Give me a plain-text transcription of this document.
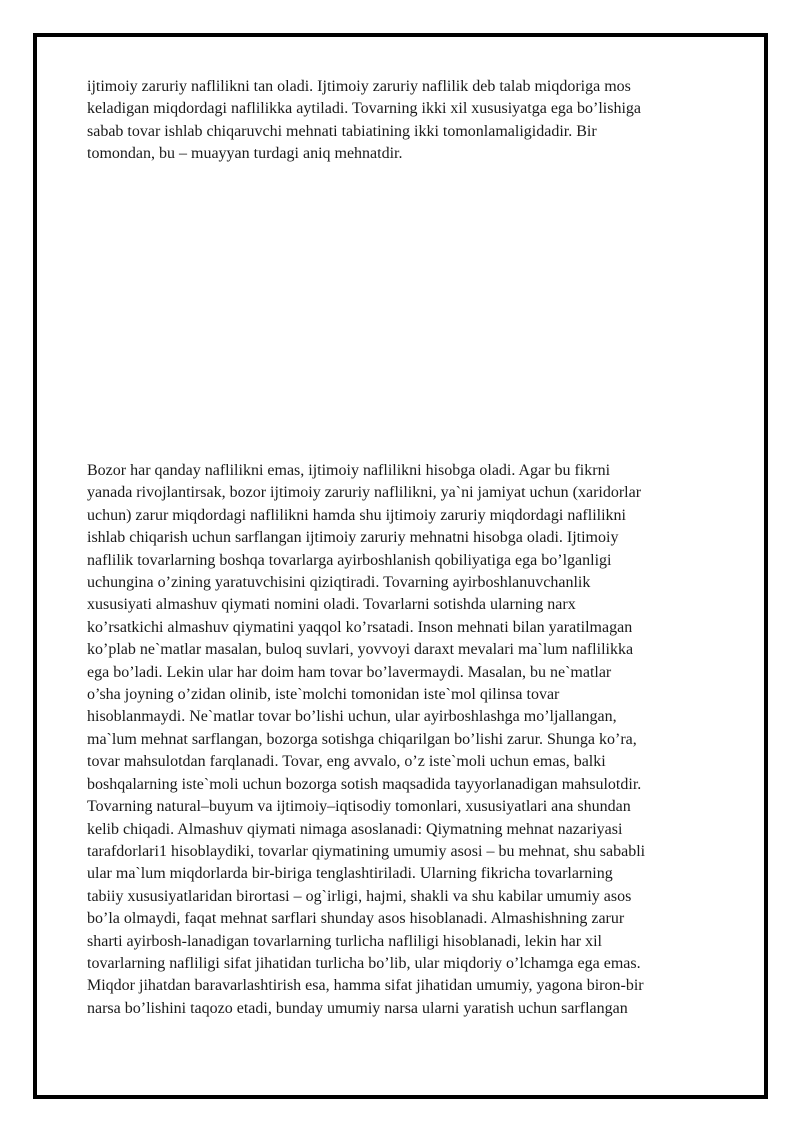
ijtimoiy zaruriy naflilikni tan oladi. Ijtimoiy zaruriy naflilik deb talab miqdoriga mos
keladigan miqdordagi naflilikka aytiladi. Tovarning ikki xil xususiyatga ega bo’lishiga
sabab tovar ishlab chiqaruvchi mehnati tabiatining ikki tomonlamaligidadir. Bir
tomondan, bu – muayyan turdagi aniq mehnatdir.

Bozor har qanday naflilikni emas, ijtimoiy naflilikni hisobga oladi. Agar bu fikrni
yanada rivojlantirsak, bozor ijtimoiy zaruriy naflilikni, ya`ni jamiyat uchun (xaridorlar
uchun) zarur miqdordagi naflilikni hamda shu ijtimoiy zaruriy miqdordagi naflilikni
ishlab chiqarish uchun sarflangan ijtimoiy zaruriy mehnatni hisobga oladi. Ijtimoiy
naflilik tovarlarning boshqa tovarlarga ayirboshlanish qobiliyatiga ega bo’lganligi
uchungina o’zining yaratuvchisini qiziqtiradi. Tovarning ayirboshlanuvchanlik
xususiyati almashuv qiymati nomini oladi. Tovarlarni sotishda ularning narx
ko’rsatkichi almashuv qiymatini yaqqol ko’rsatadi. Inson mehnati bilan yaratilmagan
ko’plab ne`matlar masalan, buloq suvlari, yovvoyi daraxt mevalari ma`lum naflilikka
ega bo’ladi. Lekin ular har doim ham tovar bo’lavermaydi. Masalan, bu ne`matlar
o’sha joyning o’zidan olinib, iste`molchi tomonidan iste`mol qilinsa tovar
hisoblanmaydi. Ne`matlar tovar bo’lishi uchun, ular ayirboshlashga mo’ljallangan,
ma`lum mehnat sarflangan, bozorga sotishga chiqarilgan bo’lishi zarur. Shunga ko’ra,
tovar mahsulotdan farqlanadi. Tovar, eng avvalo, o’z iste`moli uchun emas, balki
boshqalarning iste`moli uchun bozorga sotish maqsadida tayyorlanadigan mahsulotdir.
Tovarning natural–buyum va ijtimoiy–iqtisodiy tomonlari, xususiyatlari ana shundan
kelib chiqadi. Almashuv qiymati nimaga asoslanadi: Qiymatning mehnat nazariyasi
tarafdorlari1 hisoblaydiki, tovarlar qiymatining umumiy asosi – bu mehnat, shu sababli
ular ma`lum miqdorlarda bir-biriga tenglashtiriladi. Ularning fikricha tovarlarning
tabiiy xususiyatlaridan birortasi – og`irligi, hajmi, shakli va shu kabilar umumiy asos
bo’la olmaydi, faqat mehnat sarflari shunday asos hisoblanadi. Almashishning zarur
sharti ayirbosh-lanadigan tovarlarning turlicha nafliligi hisoblanadi, lekin har xil
tovarlarning nafliligi sifat jihatidan turlicha bo’lib, ular miqdoriy o’lchamga ega emas.
Miqdor jihatdan baravarlashtirish esa, hamma sifat jihatidan umumiy, yagona biron-bir
narsa bo’lishini taqozo etadi, bunday umumiy narsa ularni yaratish uchun sarflangan
